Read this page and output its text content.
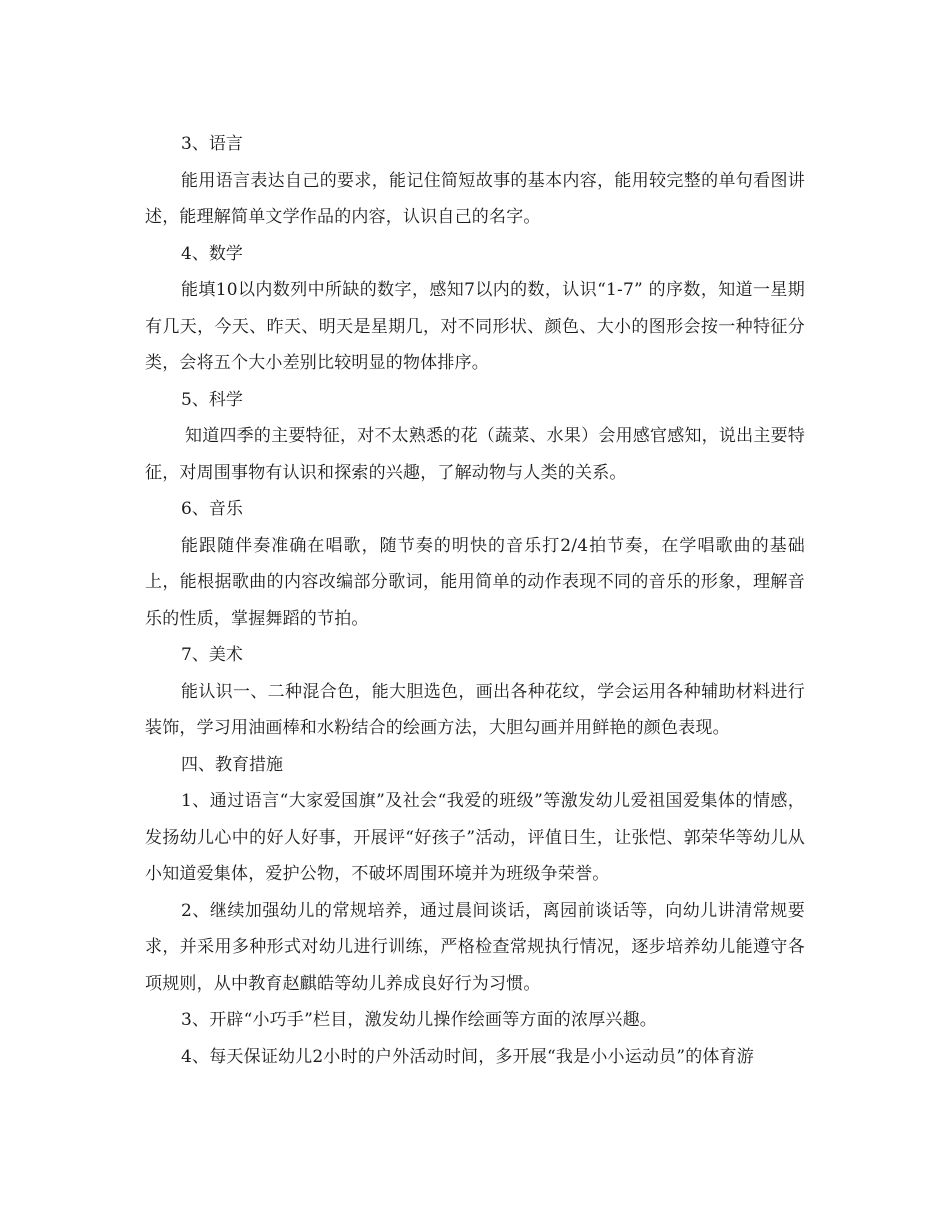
3、语言

能用语言表达自己的要求，能记住简短故事的基本内容，能用较完整的单句看图讲述，能理解简单文学作品的内容，认识自己的名字。

4、数学

能填10以内数列中所缺的数字，感知7以内的数，认识“1-7” 的序数，知道一星期有几天，今天、昨天、明天是星期几，对不同形状、颜色、大小的图形会按一种特征分类，会将五个大小差别比较明显的物体排序。

5、科学

知道四季的主要特征，对不太熟悉的花（蔬菜、水果）会用感官感知，说出主要特征，对周围事物有认识和探索的兴趣，了解动物与人类的关系。

6、音乐

能跟随伴奏准确在唱歌，随节奏的明快的音乐打2/4拍节奏，在学唱歌曲的基础上，能根据歌曲的内容改编部分歌词，能用简单的动作表现不同的音乐的形象，理解音乐的性质，掌握舞蹈的节拍。

7、美术

能认识一、二种混合色，能大胆选色，画出各种花纹，学会运用各种辅助材料进行装饰，学习用油画棒和水粉结合的绘画方法，大胆勾画并用鲜艳的颜色表现。

四、教育措施

1、通过语言“大家爱国旗”及社会“我爱的班级”等激发幼儿爱祖国爱集体的情感，发扬幼儿心中的好人好事，开展评“好孩子”活动，评值日生，让张恺、郭荣华等幼儿从小知道爱集体，爱护公物，不破坏周围环境并为班级争荣誉。

2、继续加强幼儿的常规培养，通过晨间谈话，离园前谈话等，向幼儿讲清常规要求，并采用多种形式对幼儿进行训练，严格检查常规执行情况，逐步培养幼儿能遵守各项规则，从中教育赵麒皓等幼儿养成良好行为习惯。

3、开辟“小巧手”栏目，激发幼儿操作绘画等方面的浓厚兴趣。

4、每天保证幼儿2小时的户外活动时间，多开展“我是小小运动员”的体育游
